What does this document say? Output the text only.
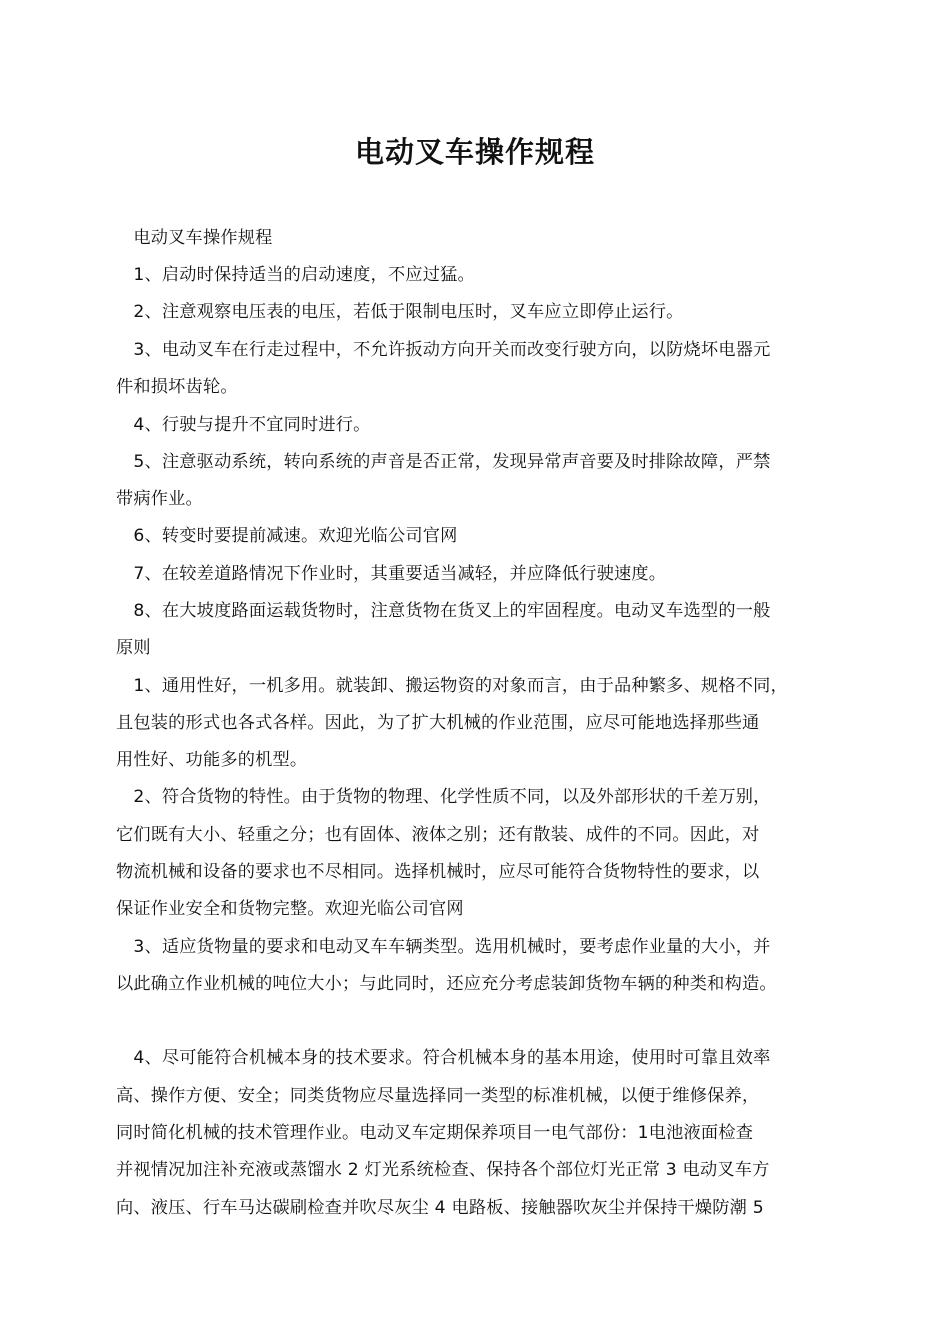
电动叉车操作规程
　电动叉车操作规程
　1、启动时保持适当的启动速度，不应过猛。
　2、注意观察电压表的电压，若低于限制电压时，叉车应立即停止运行。
　3、电动叉车在行走过程中，不允许扳动方向开关而改变行驶方向，以防烧坏电器元
件和损坏齿轮。
　4、行驶与提升不宜同时进行。
　5、注意驱动系统，转向系统的声音是否正常，发现异常声音要及时排除故障，严禁
带病作业。
　6、转变时要提前减速。欢迎光临公司官网
　7、在较差道路情况下作业时，其重要适当减轻，并应降低行驶速度。
　8、在大坡度路面运载货物时，注意货物在货叉上的牢固程度。电动叉车选型的一般
原则
　1、通用性好，一机多用。就装卸、搬运物资的对象而言，由于品种繁多、规格不同，
且包装的形式也各式各样。因此，为了扩大机械的作业范围，应尽可能地选择那些通
用性好、功能多的机型。
　2、符合货物的特性。由于货物的物理、化学性质不同，以及外部形状的千差万别，
它们既有大小、轻重之分；也有固体、液体之别；还有散装、成件的不同。因此，对
物流机械和设备的要求也不尽相同。选择机械时，应尽可能符合货物特性的要求，以
保证作业安全和货物完整。欢迎光临公司官网
　3、适应货物量的要求和电动叉车车辆类型。选用机械时，要考虑作业量的大小，并
以此确立作业机械的吨位大小；与此同时，还应充分考虑装卸货物车辆的种类和构造。
　4、尽可能符合机械本身的技术要求。符合机械本身的基本用途，使用时可靠且效率
高、操作方便、安全；同类货物应尽量选择同一类型的标准机械，以便于维修保养，
同时简化机械的技术管理作业。电动叉车定期保养项目一电气部份：1电池液面检查
并视情况加注补充液或蒸馏水 2 灯光系统检查、保持各个部位灯光正常 3 电动叉车方
向、液压、行车马达碳刷检查并吹尽灰尘 4 电路板、接触器吹灰尘并保持干燥防潮 5
